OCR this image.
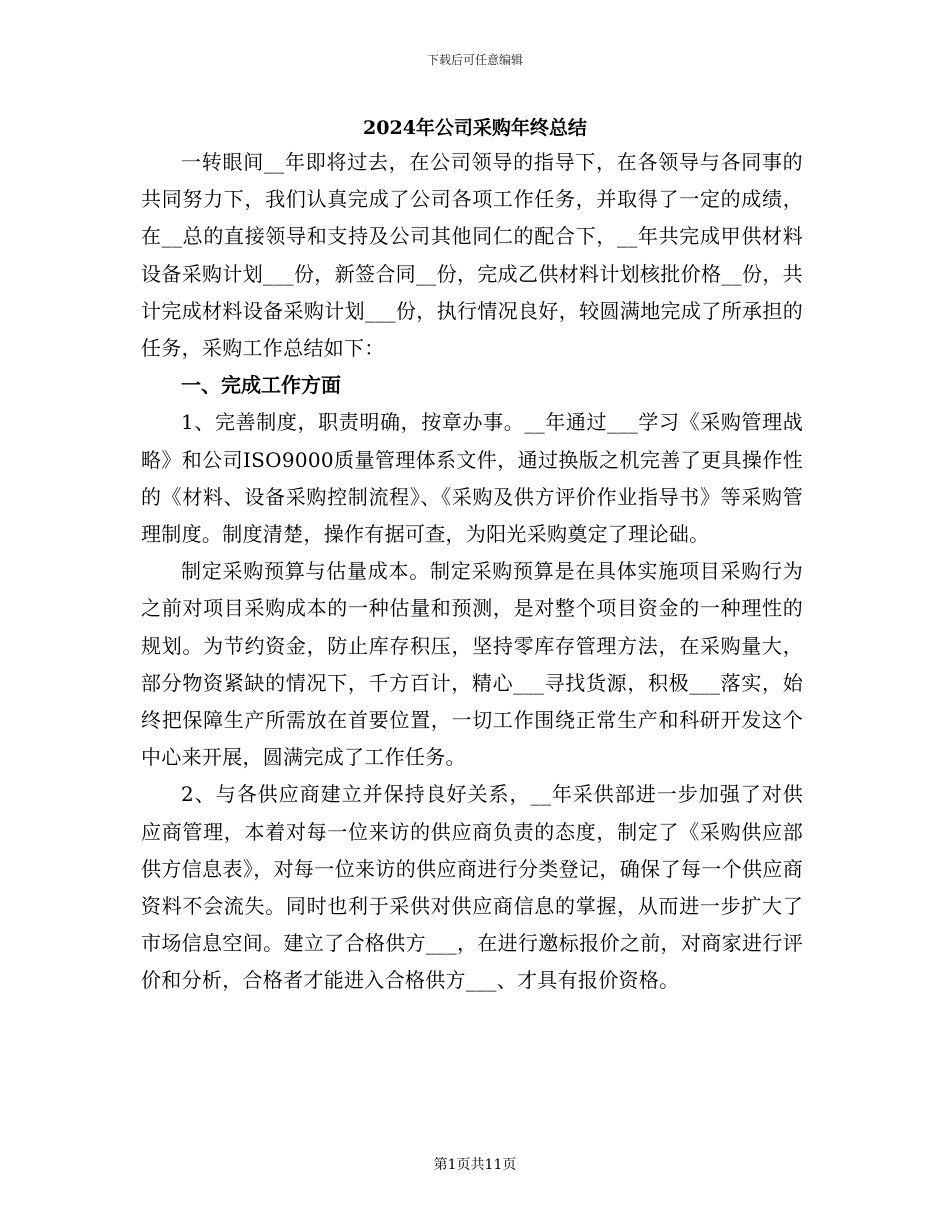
下载后可任意编辑
2024年公司采购年终总结

一转眼间__年即将过去，在公司领导的指导下，在各领导与各同事的共同努力下，我们认真完成了公司各项工作任务，并取得了一定的成绩，在__总的直接领导和支持及公司其他同仁的配合下，__年共完成甲供材料设备采购计划___份，新签合同__份，完成乙供材料计划核批价格__份，共计完成材料设备采购计划___份，执行情况良好，较圆满地完成了所承担的任务，采购工作总结如下：

一、完成工作方面

1、完善制度，职责明确，按章办事。__年通过___学习《采购管理战略》和公司ISO9000质量管理体系文件，通过换版之机完善了更具操作性的《材料、设备采购控制流程》、《采购及供方评价作业指导书》等采购管理制度。制度清楚，操作有据可查，为阳光采购奠定了理论础。

制定采购预算与估量成本。制定采购预算是在具体实施项目采购行为之前对项目采购成本的一种估量和预测，是对整个项目资金的一种理性的规划。为节约资金，防止库存积压，坚持零库存管理方法，在采购量大，部分物资紧缺的情况下，千方百计，精心___寻找货源，积极___落实，始终把保障生产所需放在首要位置，一切工作围绕正常生产和科研开发这个中心来开展，圆满完成了工作任务。

2、与各供应商建立并保持良好关系，__年采供部进一步加强了对供应商管理，本着对每一位来访的供应商负责的态度，制定了《采购供应部供方信息表》，对每一位来访的供应商进行分类登记，确保了每一个供应商资料不会流失。同时也利于采供对供应商信息的掌握，从而进一步扩大了市场信息空间。建立了合格供方___，在进行邀标报价之前，对商家进行评价和分析，合格者才能进入合格供方___、才具有报价资格。

第1页共11页
